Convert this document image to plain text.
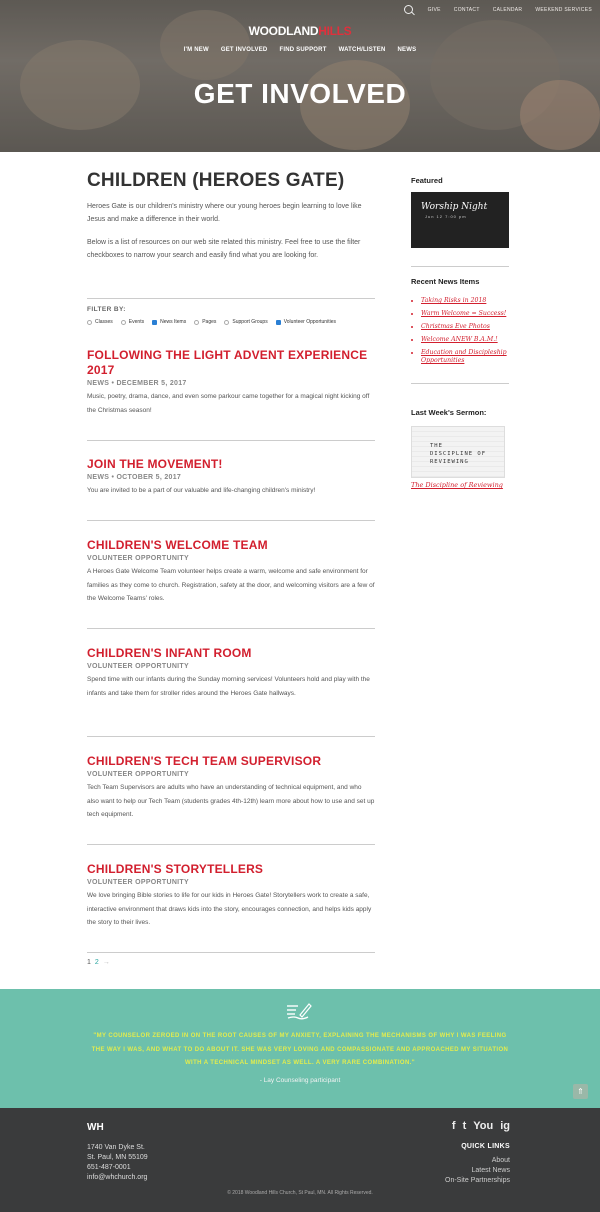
GIVE	CONTACT	CALENDAR	WEEKEND SERVICES
WOODLANDHILLS
I'M NEW GET INVOLVED FIND SUPPORT WATCH/LISTEN NEWS
GET INVOLVED
CHILDREN (HEROES GATE)

Heroes Gate is our children's ministry where our young heroes begin learning to love like Jesus and make a difference in their world.

Below is a list of resources on our web site related this ministry. Feel free to use the filter checkboxes to narrow your search and easily find what you are looking for.

FILTER BY:
Classes	Events	News Items	Pages	Support Groups	Volunteer Opportunities
FOLLOWING THE LIGHT ADVENT EXPERIENCE 2017
NEWS • DECEMBER 5, 2017
Music, poetry, drama, dance, and even some parkour came together for a magical night kicking off the Christmas season!
JOIN THE MOVEMENT!
NEWS • OCTOBER 5, 2017
You are invited to be a part of our valuable and life-changing children's ministry!
CHILDREN'S WELCOME TEAM
VOLUNTEER OPPORTUNITY
A Heroes Gate Welcome Team volunteer helps create a warm, welcome and safe environment for families as they come to church. Registration, safety at the door, and welcoming visitors are a few of the Welcome Teams' roles.
CHILDREN'S INFANT ROOM
VOLUNTEER OPPORTUNITY
Spend time with our infants during the Sunday morning services! Volunteers hold and play with the infants and take them for stroller rides around the Heroes Gate hallways.
CHILDREN'S TECH TEAM SUPERVISOR
VOLUNTEER OPPORTUNITY
Tech Team Supervisors are adults who have an understanding of technical equipment, and who also want to help our Tech Team (students grades 4th-12th) learn more about how to use and set up tech equipment.
CHILDREN'S STORYTELLERS
VOLUNTEER OPPORTUNITY
We love bringing Bible stories to life for our kids in Heroes Gate! Storytellers work to create a safe, interactive environment that draws kids into the story, encourages connection, and helps kids apply the story to their lives.
1 2 →
Featured
Worship Night
Jun 12 7:00 pm
Recent News Items
• Taking Risks in 2018
• Warm Welcome = Success!
• Christmas Eve Photos
• Welcome ANEW B.A.M.!
• Education and Discipleship Opportunities
Last Week's Sermon:
THE
DISCIPLINE OF
REVIEWING
The Discipline of Reviewing
"MY COUNSELOR ZEROED IN ON THE ROOT CAUSES OF MY ANXIETY, EXPLAINING THE MECHANISMS OF WHY I WAS FEELING THE WAY I WAS, AND WHAT TO DO ABOUT IT. SHE WAS VERY LOVING AND COMPASSIONATE AND APPROACHED MY SITUATION WITH A TECHNICAL MINDSET AS WELL. A VERY RARE COMBINATION."
- Lay Counseling participant
⇑
WH
1740 Van Dyke St.
St. Paul, MN 55109
651-487-0001
info@whchurch.org
f t You ig
QUICK LINKS
About
Latest News
On-Site Partnerships
© 2018 Woodland Hills Church, St Paul, MN. All Rights Reserved.
